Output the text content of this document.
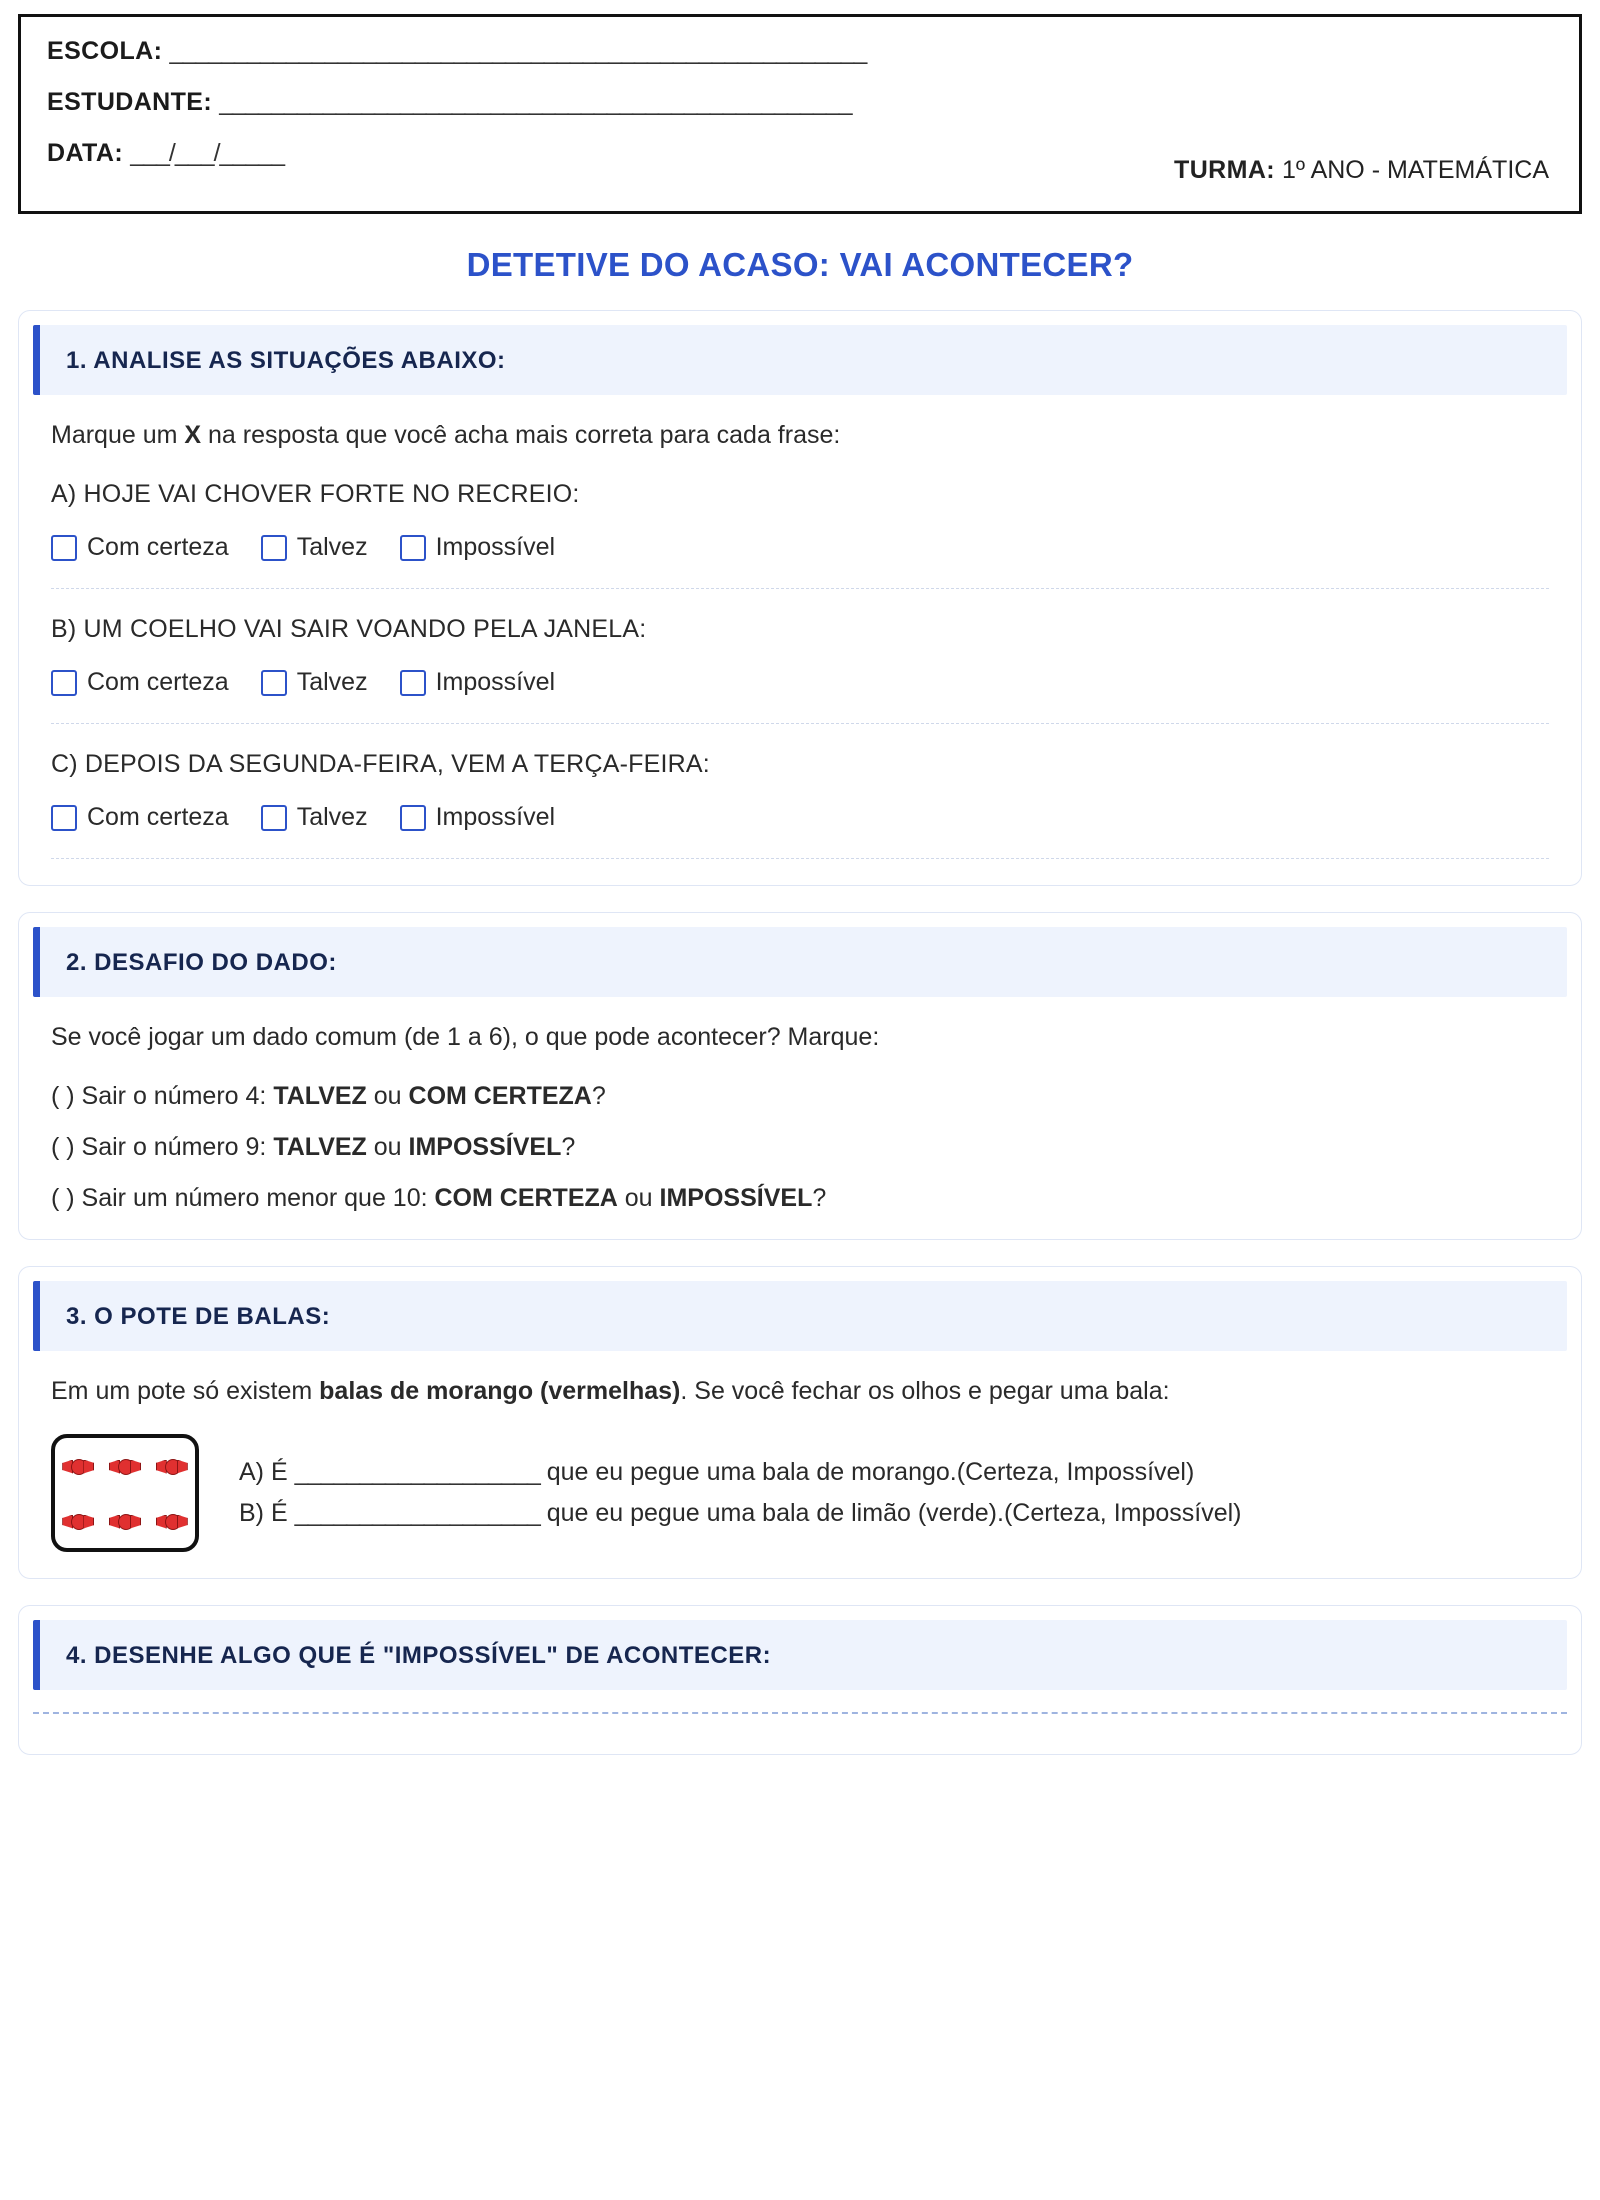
ESCOLA: ______________________________________________________
ESTUDANTE: _________________________________________________
DATA: ___/___/_____
TURMA: 1º ANO - MATEMÁTICA
DETETIVE DO ACASO: VAI ACONTECER?
1. ANALISE AS SITUAÇÕES ABAIXO:
Marque um X na resposta que você acha mais correta para cada frase:
A) HOJE VAI CHOVER FORTE NO RECREIO:
Com certeza	Talvez	Impossível
B) UM COELHO VAI SAIR VOANDO PELA JANELA:
Com certeza	Talvez	Impossível
C) DEPOIS DA SEGUNDA-FEIRA, VEM A TERÇA-FEIRA:
Com certeza	Talvez	Impossível
2. DESAFIO DO DADO:
Se você jogar um dado comum (de 1 a 6), o que pode acontecer? Marque:
( ) Sair o número 4: TALVEZ ou COM CERTEZA?
( ) Sair o número 9: TALVEZ ou IMPOSSÍVEL?
( ) Sair um número menor que 10: COM CERTEZA ou IMPOSSÍVEL?
3. O POTE DE BALAS:
Em um pote só existem balas de morango (vermelhas). Se você fechar os olhos e pegar uma bala:
A) É ___________________ que eu pegue uma bala de morango.(Certeza, Impossível)
B) É ___________________ que eu pegue uma bala de limão (verde).(Certeza, Impossível)
4. DESENHE ALGO QUE É "IMPOSSÍVEL" DE ACONTECER:
